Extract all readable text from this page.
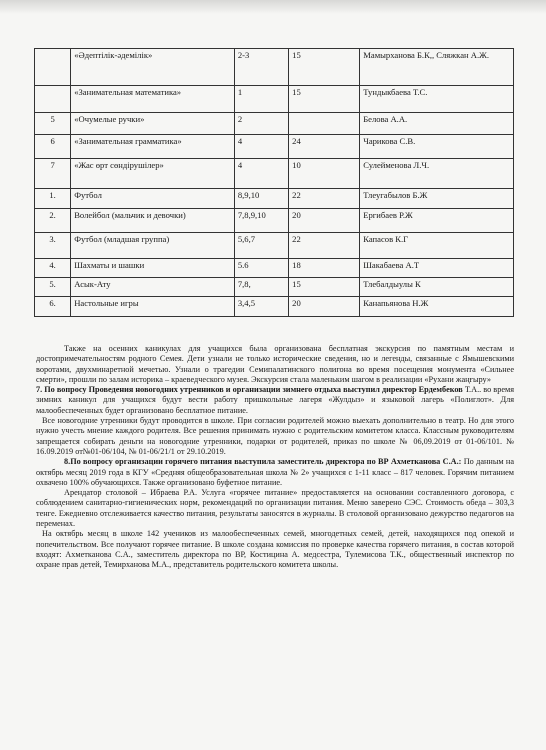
	«Әдептілік-әдемілік»	2-3	15	Мамырханова Б.К,, Сляжкан А.Ж.
	«Занимательная математика»	1	15	Тундыкбаева Т.С.
5	«Очумелые ручки»	2		Белова А.А.
6	«Занимательная грамматика»	4	24	Чарикова С.В.
7	«Жас өрт сөндірушілер»	4	10	Сулейменова Л.Ч.
1.	Футбол	8,9,10	22	Тлеугабылов Б.Ж
2.	Волейбол (мальчик и девочки)	7,8,9,10	20	Ергибаев Р.Ж
3.	Футбол (младшая группа)	5,6,7	22	Капасов К.Г
4.	Шахматы и шашки	5.6	18	Шакабаева А.Т
5.	Асык-Ату	7,8,	15	Тлебалдыулы К
6.	Настольные игры	3,4,5	20	Канапьянова Н.Ж

Также на осенних каникулах для учащихся была организована бесплатная экскурсия по памятным местам и достопримечательностям родного Семея. Дети узнали не только исторические сведения, но и легенды, связанные с Ямышевскими воротами, двухминаретной мечетью. Узнали о трагедии Семипалатинского полигона во время посещения монумента «Сильнее смерти», прошли по залам историка – краеведческого музея. Экскурсия стала маленьким шагом в реализации «Рухани жаңғыру»

7. По вопросу Проведения новогодних утренников и организации зимнего отдыха выступил директор Ердембеков Т.А.. во время зимних каникул для учащихся будут вести работу пришкольные лагеря «Жулдыз» и языковой лагерь «Полиглот». Для малообеспеченных будет организовано бесплатное питание.

Все новогодние утренники будут проводится в школе. При согласии родителей можно выехать дополнительно в театр. Но для этого нужно учесть мнение каждого родителя. Все решения принимать нужно с родительским комитетом класса. Классным руководителям запрещается собирать деньги на новогодние утренники, подарки от родителей, приказ по школе № 06,09.2019 от 01-06/101. № 16.09.2019 от№01-06/104, № 01-06/21/1 от 29.10.2019.

8.По вопросу организации горячего питания выступила заместитель директора по ВР Ахметканова С.А.: По данным на октябрь месяц 2019 года в КГУ «Средняя общеобразовательная школа № 2» учащихся с 1-11 класс – 817 человек. Горячим питанием охвачено 100% обучающихся. Также организовано буфетное питание.

Арендатор столовой – Ибраева Р.А. Услуга «горячее питание» предоставляется на основании составленного договора, с соблюдением санитарно-гигиенических норм, рекомендаций по организации питания. Меню заверено СЭС. Стоимость обеда – 303,3 тенге. Ежедневно отслеживается качество питания, результаты заносятся в журналы. В столовой организовано дежурство педагогов на переменах.

На октябрь месяц в школе 142 учеников из малообеспеченных семей, многодетных семей, детей, находящихся под опекой и попечительством. Все получают горячее питание. В школе создана комиссия по проверке качества горячего питания, в состав которой входят: Ахметканова С.А., заместитель директора по ВР, Костицина А. медсестра, Тулемисова Т.К., общественный инспектор по охране прав детей, Темирханова М.А., представитель родительского комитета школы.
